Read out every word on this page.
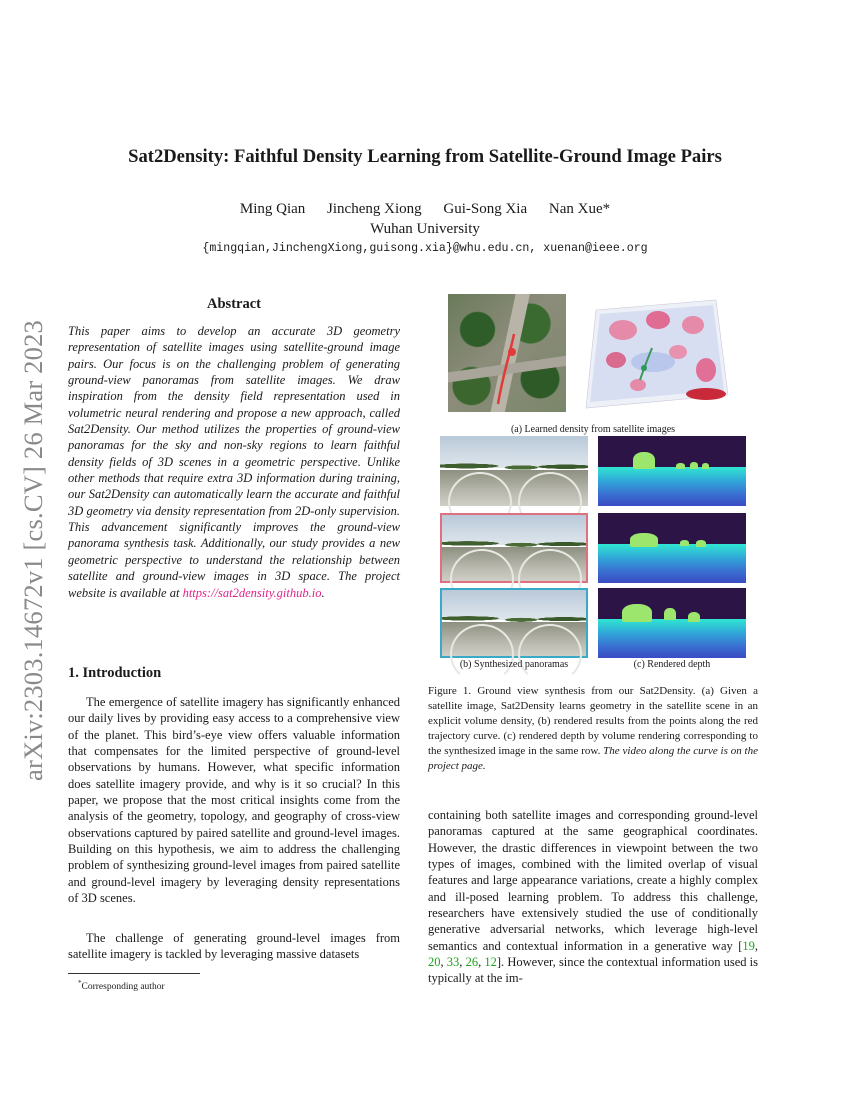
arXiv:2303.14672v1 [cs.CV] 26 Mar 2023
Sat2Density: Faithful Density Learning from Satellite-Ground Image Pairs
Ming Qian Jincheng Xiong Gui-Song Xia Nan Xue*
Wuhan University
{mingqian,JinchengXiong,guisong.xia}@whu.edu.cn, xuenan@ieee.org
Abstract
This paper aims to develop an accurate 3D geometry representation of satellite images using satellite-ground image pairs. Our focus is on the challenging problem of generating ground-view panoramas from satellite images. We draw inspiration from the density field representation used in volumetric neural rendering and propose a new approach, called Sat2Density. Our method utilizes the properties of ground-view panoramas for the sky and non-sky regions to learn faithful density fields of 3D scenes in a geometric perspective. Unlike other methods that require extra 3D information during training, our Sat2Density can automatically learn the accurate and faithful 3D geometry via density representation from 2D-only supervision. This advancement significantly improves the ground-view panorama synthesis task. Additionally, our study provides a new geometric perspective to understand the relationship between satellite and ground-view images in 3D space. The project website is available at https://sat2density.github.io.
1. Introduction

The emergence of satellite imagery has significantly enhanced our daily lives by providing easy access to a comprehensive view of the planet. This bird’s-eye view offers valuable information that compensates for the limited perspective of ground-level observations by humans. However, what specific information does satellite imagery provide, and why is it so crucial? In this paper, we propose that the most critical insights come from the analysis of the geometry, topology, and geography of cross-view observations captured by paired satellite and ground-level images. Building on this hypothesis, we aim to address the challenging problem of synthesizing ground-level images from paired satellite and ground-level imagery by leveraging density representations of 3D scenes.

The challenge of generating ground-level images from satellite imagery is tackled by leveraging massive datasets

*Corresponding author
(a) Learned density from satellite images
(b) Synthesized panoramas	(c) Rendered depth
Figure 1. Ground view synthesis from our Sat2Density. (a) Given a satellite image, Sat2Density learns geometry in the satellite scene in an explicit volume density, (b) rendered results from the points along the red trajectory curve. (c) rendered depth by volume rendering corresponding to the synthesized image in the same row. The video along the curve is on the project page.
containing both satellite images and corresponding ground-level panoramas captured at the same geographical coordinates. However, the drastic differences in viewpoint between the two types of images, combined with the limited overlap of visual features and large appearance variations, create a highly complex and ill-posed learning problem. To address this challenge, researchers have extensively studied the use of conditionally generative adversarial networks, which leverage high-level semantics and contextual information in a generative way [19, 20, 33, 26, 12]. However, since the contextual information used is typically at the im-
